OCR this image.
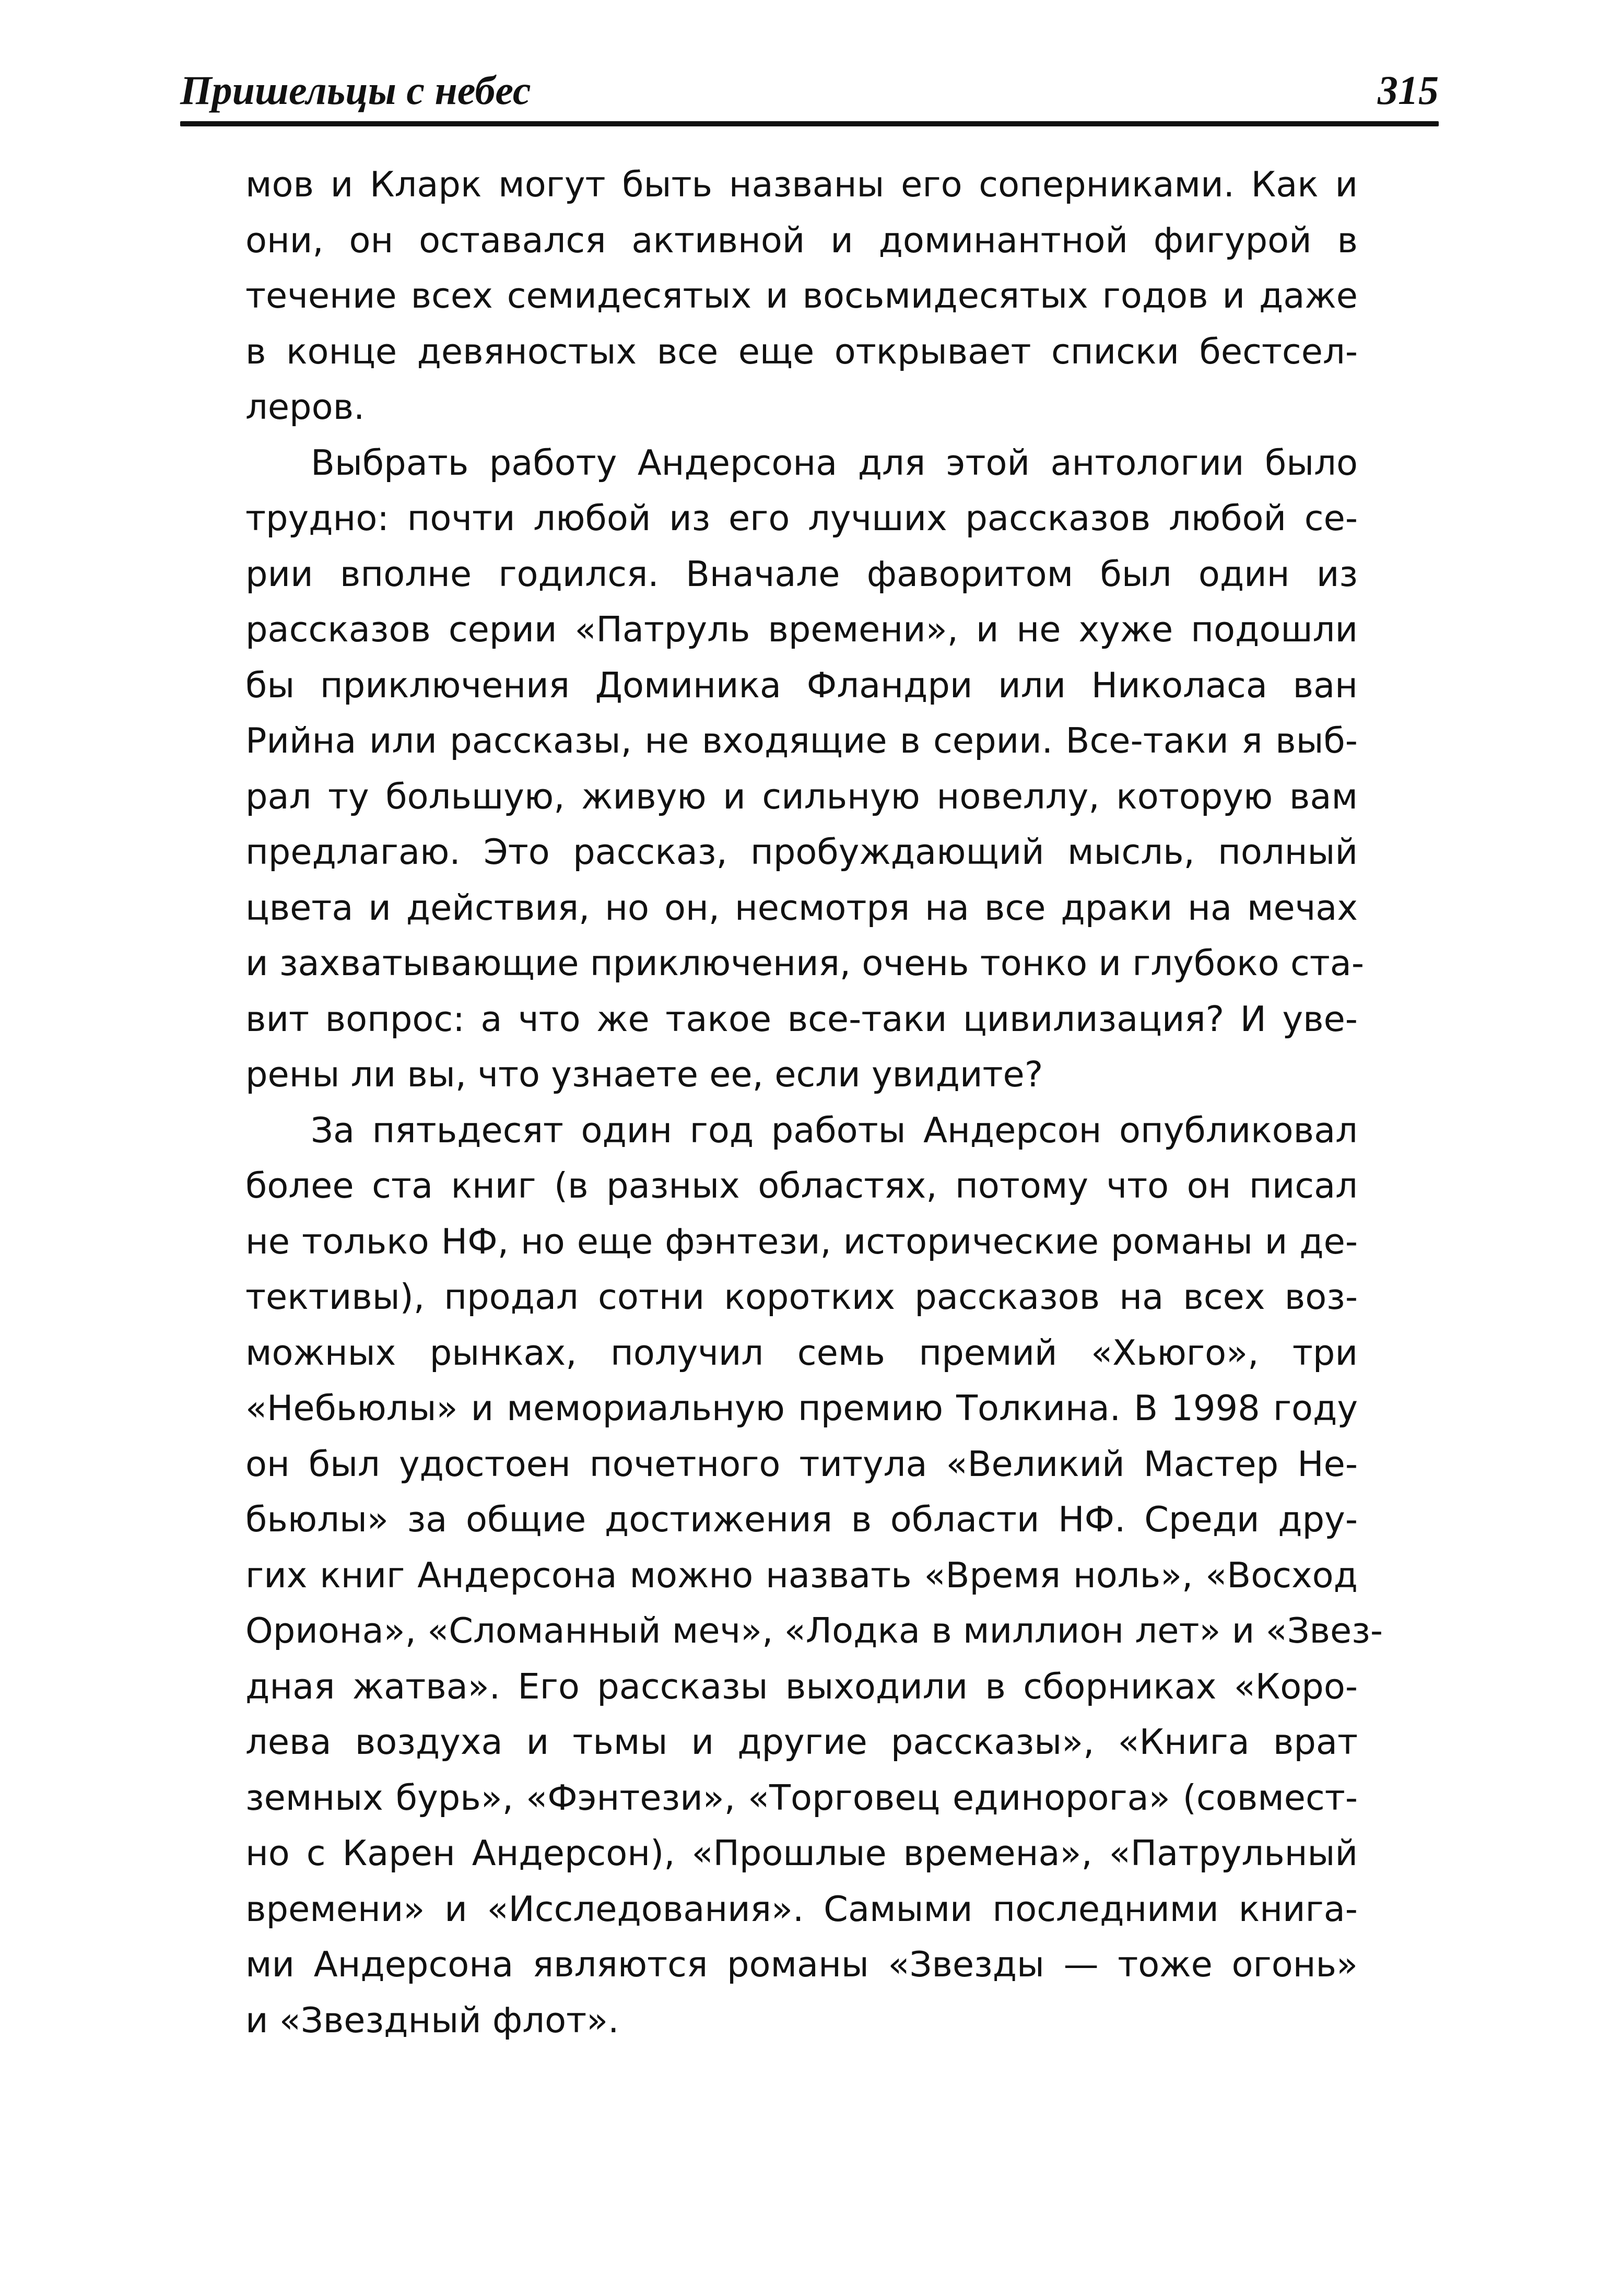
Пришельцы с небес	315
мов и Кларк могут быть названы его соперниками. Как и
они, он оставался активной и доминантной фигурой в
течение всех семидесятых и восьмидесятых годов и даже
в конце девяностых все еще открывает списки бестсел-
леров.
Выбрать работу Андерсона для этой антологии было
трудно: почти любой из его лучших рассказов любой се-
рии вполне годился. Вначале фаворитом был один из
рассказов серии «Патруль времени», и не хуже подошли
бы приключения Доминика Фландри или Николаса ван
Рийна или рассказы, не входящие в серии. Все-таки я выб-
рал ту большую, живую и сильную новеллу, которую вам
предлагаю. Это рассказ, пробуждающий мысль, полный
цвета и действия, но он, несмотря на все драки на мечах
и захватывающие приключения, очень тонко и глубоко ста-
вит вопрос: а что же такое все-таки цивилизация? И уве-
рены ли вы, что узнаете ее, если увидите?
За пятьдесят один год работы Андерсон опубликовал
более ста книг (в разных областях, потому что он писал
не только НФ, но еще фэнтези, исторические романы и де-
тективы), продал сотни коротких рассказов на всех воз-
можных рынках, получил семь премий «Хьюго», три
«Небьюлы» и мемориальную премию Толкина. В 1998 году
он был удостоен почетного титула «Великий Мастер Не-
бьюлы» за общие достижения в области НФ. Среди дру-
гих книг Андерсона можно назвать «Время ноль», «Восход
Ориона», «Сломанный меч», «Лодка в миллион лет» и «Звез-
дная жатва». Его рассказы выходили в сборниках «Коро-
лева воздуха и тьмы и другие рассказы», «Книга врат
земных бурь», «Фэнтези», «Торговец единорога» (совмест-
но с Карен Андерсон), «Прошлые времена», «Патрульный
времени» и «Исследования». Самыми последними книга-
ми Андерсона являются романы «Звезды — тоже огонь»
и «Звездный флот».
